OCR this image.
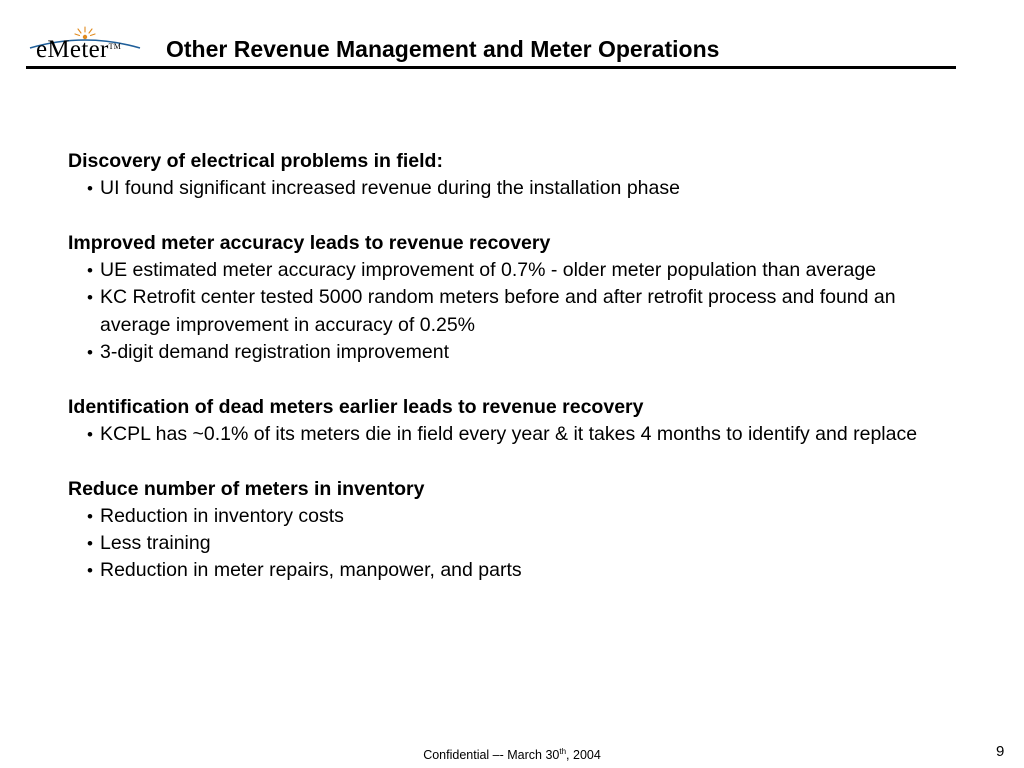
eMeter™ Other Revenue Management and Meter Operations
Discovery of electrical problems in field:
• UI found significant increased revenue during the installation phase
Improved meter accuracy leads to revenue recovery
• UE estimated meter accuracy improvement of 0.7% - older meter population than average
• KC Retrofit center tested 5000 random meters before and after retrofit process and found an average improvement in accuracy of 0.25%
• 3-digit demand registration improvement
Identification of dead meters earlier leads to revenue recovery
• KCPL has ~0.1% of its meters die in field every year & it takes 4 months to identify and replace
Reduce number of meters in inventory
• Reduction in inventory costs
• Less training
• Reduction in meter repairs, manpower, and parts
Confidential –- March 30th, 2004	9
